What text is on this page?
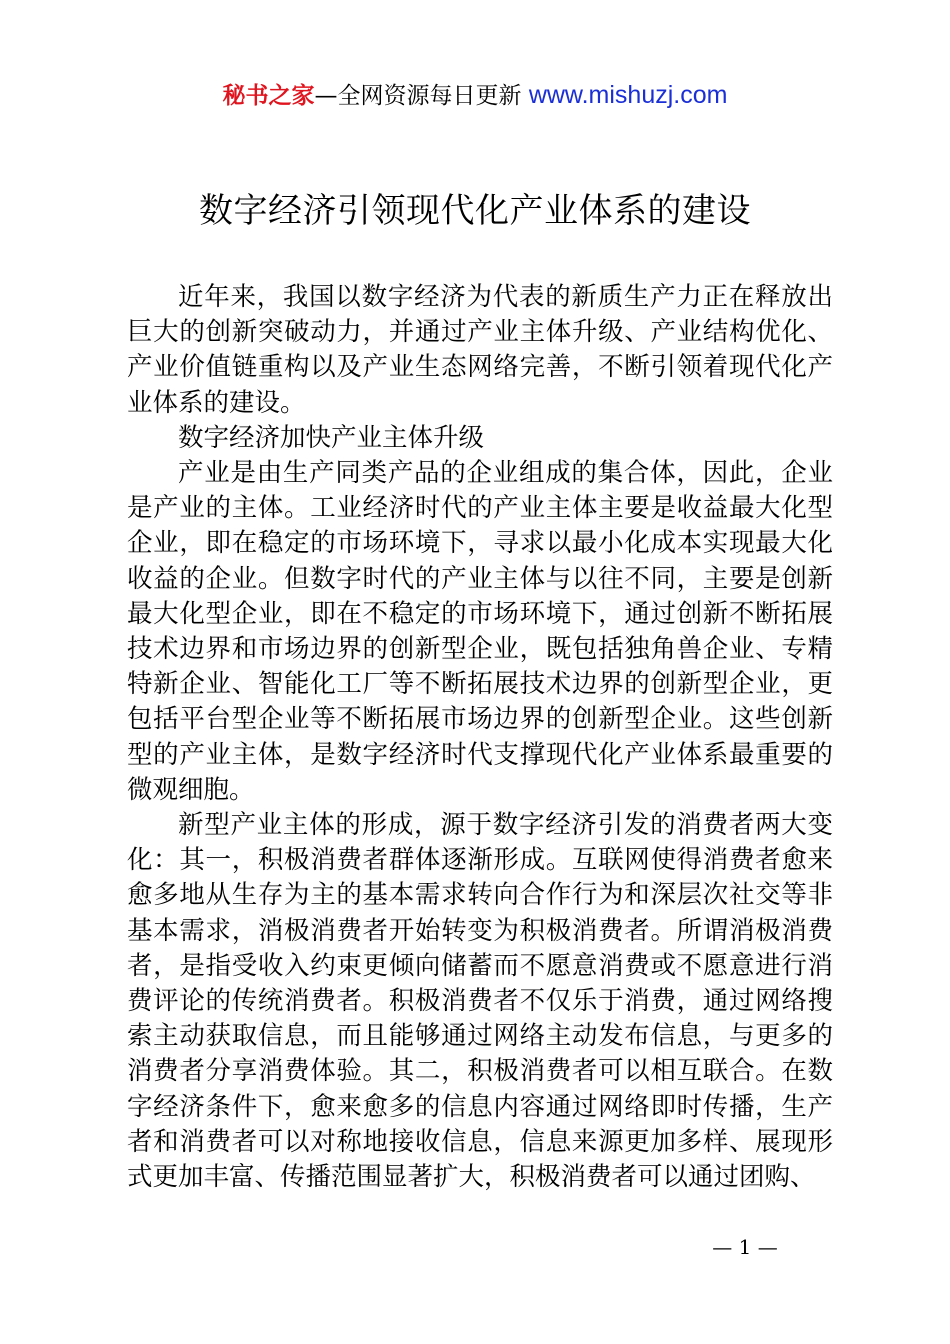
秘书之家—全网资源每日更新 www.mishuzj.com
数字经济引领现代化产业体系的建设

近年来，我国以数字经济为代表的新质生产力正在释放出巨大的创新突破动力，并通过产业主体升级、产业结构优化、产业价值链重构以及产业生态网络完善，不断引领着现代化产业体系的建设。

数字经济加快产业主体升级

产业是由生产同类产品的企业组成的集合体，因此，企业是产业的主体。工业经济时代的产业主体主要是收益最大化型企业，即在稳定的市场环境下，寻求以最小化成本实现最大化收益的企业。但数字时代的产业主体与以往不同，主要是创新最大化型企业，即在不稳定的市场环境下，通过创新不断拓展技术边界和市场边界的创新型企业，既包括独角兽企业、专精特新企业、智能化工厂等不断拓展技术边界的创新型企业，更包括平台型企业等不断拓展市场边界的创新型企业。这些创新型的产业主体，是数字经济时代支撑现代化产业体系最重要的微观细胞。

新型产业主体的形成，源于数字经济引发的消费者两大变化：其一，积极消费者群体逐渐形成。互联网使得消费者愈来愈多地从生存为主的基本需求转向合作行为和深层次社交等非基本需求，消极消费者开始转变为积极消费者。所谓消极消费者，是指受收入约束更倾向储蓄而不愿意消费或不愿意进行消费评论的传统消费者。积极消费者不仅乐于消费，通过网络搜索主动获取信息，而且能够通过网络主动发布信息，与更多的消费者分享消费体验。其二，积极消费者可以相互联合。在数字经济条件下，愈来愈多的信息内容通过网络即时传播，生产者和消费者可以对称地接收信息，信息来源更加多样、展现形式更加丰富、传播范围显著扩大，积极消费者可以通过团购、

— 1 —
